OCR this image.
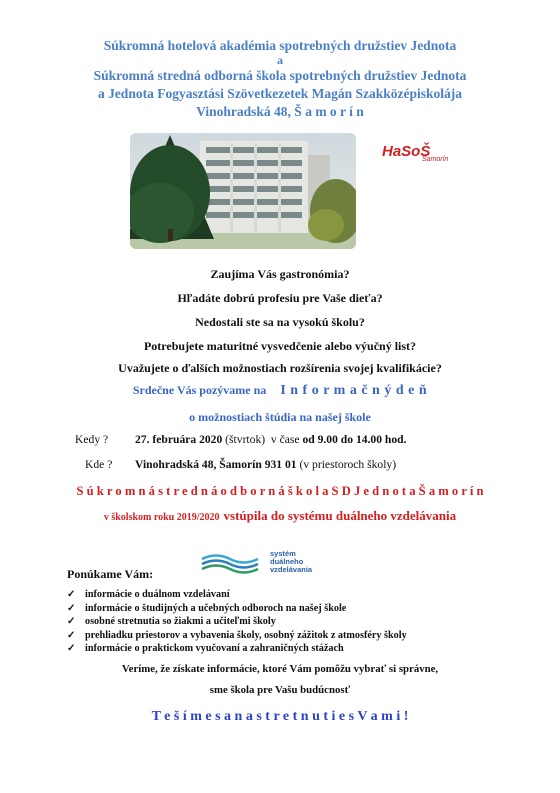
Súkromná hotelová akadémia spotrebných družstiev Jednota
a
Súkromná stredná odborná škola spotrebných družstiev Jednota
a Jednota Fogyasztási Szövetkezetek Magán Szakközépiskolája
Vinohradská 48, Š a m o r í n
HaSoŠ
Šamorín
Zaujíma Vás gastronómia?
Hľadáte dobrú profesiu pre Vaše dieťa?
Nedostali ste sa na vysokú školu?
Potrebujete maturitné vysvedčenie alebo výučný list?
Uvažujete o ďalších možnostiach rozšírenia svojej kvalifikácie?
Srdečne Vás pozývame na I n f o r m a č n ý d e ň
o možnostiach štúdia na našej škole
Kedy ? 27. februára 2020 (štvrtok) v čase od 9.00 do 14.00 hod.
Kde ? Vinohradská 48, Šamorín 931 01 (v priestoroch školy)
S ú k r o m n á s t r e d n á o d b o r n á š k o l a S D J e d n o t a Š a m o r í n
v školskom roku 2019/2020 vstúpila do systému duálneho vzdelávania
systém
duálneho
vzdelávania
Ponúkame Vám:
✓ informácie o duálnom vzdelávaní
✓ informácie o študijných a učebných odboroch na našej škole
✓ osobné stretnutia so žiakmi a učiteľmi školy
✓ prehliadku priestorov a vybavenia školy, osobný zážitok z atmosféry školy
✓ informácie o praktickom vyučovaní a zahraničných stážach
Veríme, že získate informácie, ktoré Vám pomôžu vybrať si správne,
sme škola pre Vašu budúcnosť
T e š í m e s a n a s t r e t n u t i e s V a m i !
